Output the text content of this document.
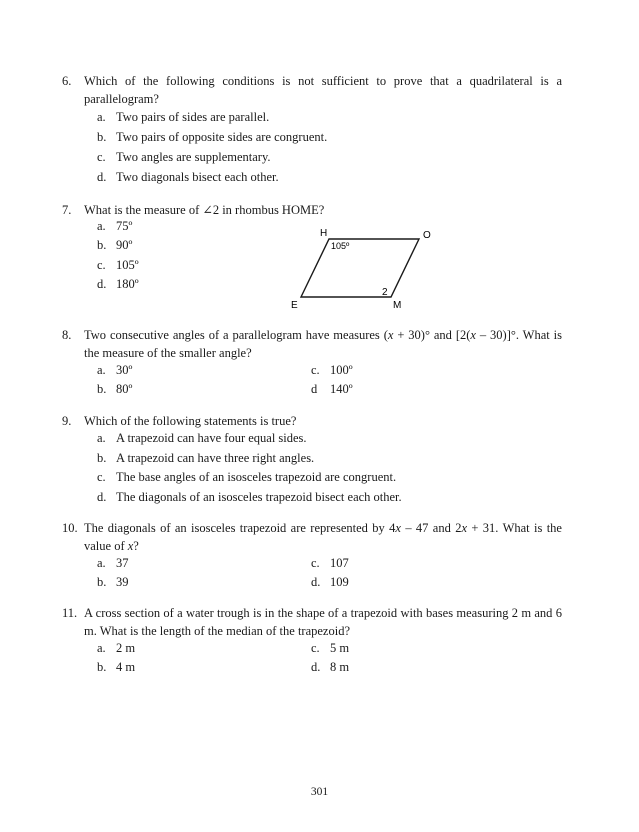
6.	Which of the following conditions is not sufficient to prove that a quadrilateral is a parallelogram?
a. Two pairs of sides are parallel.
b. Two pairs of opposite sides are congruent.
c. Two angles are supplementary.
d. Two diagonals bisect each other.
7.	What is the measure of ∠2 in rhombus HOME?
a. 75º
b. 90º
c. 105º
d. 180º
H	O
M
E
105º
2
8.	Two consecutive angles of a parallelogram have measures (x + 30)° and [2(x – 30)]°. What is the measure of the smaller angle?
a. 30º
b. 80º
c. 100º
d	140º
9.	Which of the following statements is true?
a. A trapezoid can have four equal sides.
b. A trapezoid can have three right angles.
c. The base angles of an isosceles trapezoid are congruent.
d. The diagonals of an isosceles trapezoid bisect each other.
10. The diagonals of an isosceles trapezoid are represented by 4x – 47 and 2x + 31. What is the value of x?
a. 37
b. 39
c. 107
d. 109
11. A cross section of a water trough is in the shape of a trapezoid with bases measuring 2 m and 6 m. What is the length of the median of the trapezoid?
a. 2 m
b. 4 m
c. 5 m
d. 8 m
301
